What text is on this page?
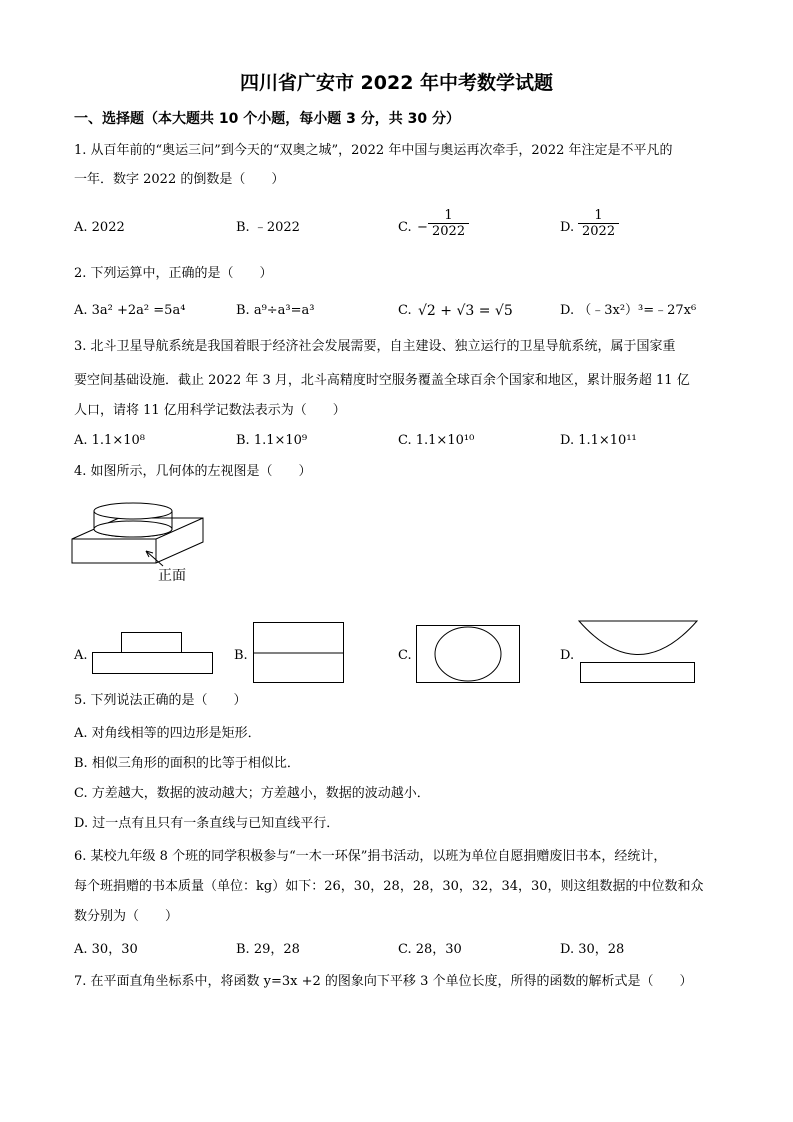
四川省广安市 2022 年中考数学试题
一、选择题（本大题共 10 个小题，每小题 3 分，共 30 分）
1. 从百年前的“奥运三问”到今天的“双奥之城”，2022 年中国与奥运再次牵手，2022 年注定是不平凡的
一年．数字 2022 的倒数是（　　）
A. 2022	B. ﹣2022	C. − $\frac{1}{2022}$	D. $\frac{1}{2022}$
2. 下列运算中，正确的是（　　）
A. 3a² +2a² =5a⁴	B. a⁹÷a³=a³	C. √2 + √3 = √5	D. （﹣3x²）³=﹣27x⁶
3. 北斗卫星导航系统是我国着眼于经济社会发展需要，自主建设、独立运行的卫星导航系统，属于国家重
要空间基础设施．截止 2022 年 3 月，北斗高精度时空服务覆盖全球百余个国家和地区，累计服务超 11 亿
人口，请将 11 亿用科学记数法表示为（　　）
A. 1.1×10⁸	B. 1.1×10⁹	C. 1.1×10¹⁰	D. 1.1×10¹¹
4. 如图所示，几何体的左视图是（　　）
正面
A.	B.	C.	D.
5. 下列说法正确的是（　　）
A. 对角线相等的四边形是矩形．
B. 相似三角形的面积的比等于相似比．
C. 方差越大，数据的波动越大；方差越小，数据的波动越小．
D. 过一点有且只有一条直线与已知直线平行．
6. 某校九年级 8 个班的同学积极参与“一木一环保”捐书活动，以班为单位自愿捐赠废旧书本，经统计，
每个班捐赠的书本质量（单位：kg）如下：26，30，28，28，30，32，34，30，则这组数据的中位数和众
数分别为（　　）
A. 30，30	B. 29，28	C. 28，30	D. 30，28
7. 在平面直角坐标系中，将函数 y=3x +2 的图象向下平移 3 个单位长度，所得的函数的解析式是（　　）
